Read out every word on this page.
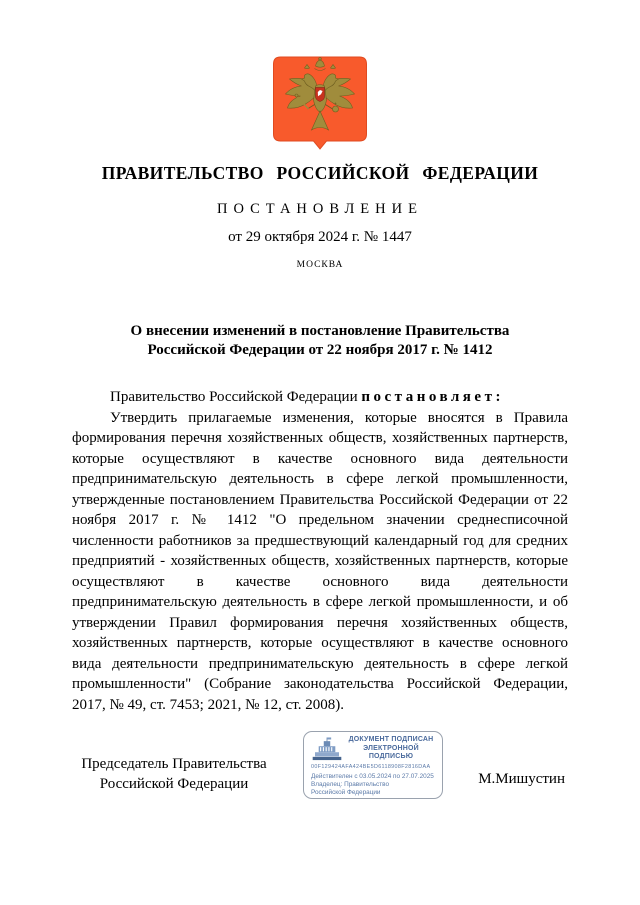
ПРАВИТЕЛЬСТВО РОССИЙСКОЙ ФЕДЕРАЦИИ
ПОСТАНОВЛЕНИЕ
от 29 октября 2024 г. № 1447
МОСКВА
О внесении изменений в постановление Правительства
Российской Федерации от 22 ноября 2017 г. № 1412

Правительство Российской Федерации постановляет:

Утвердить прилагаемые изменения, которые вносятся в Правила формирования перечня хозяйственных обществ, хозяйственных партнерств, которые осуществляют в качестве основного вида деятельности предпринимательскую деятельность в сфере легкой промышленности, утвержденные постановлением Правительства Российской Федерации от 22 ноября 2017 г. № 1412 "О предельном значении среднесписочной численности работников за предшествующий календарный год для средних предприятий - хозяйственных обществ, хозяйственных партнерств, которые осуществляют в качестве основного вида деятельности предпринимательскую деятельность в сфере легкой промышленности, и об утверждении Правил формирования перечня хозяйственных обществ, хозяйственных партнерств, которые осуществляют в качестве основного вида деятельности предпринимательскую деятельность в сфере легкой промышленности" (Собрание законодательства Российской Федерации, 2017, № 49, ст. 7453; 2021, № 12, ст. 2008).

Председатель Правительства
Российской Федерации
ДОКУМЕНТ ПОДПИСАН
ЭЛЕКТРОННОЙ ПОДПИСЬЮ
00F129424AFA424BE5D6118908F2816DAA
Действителен с 03.05.2024 по 27.07.2025
Владелец: Правительство Российской Федерации
М.Мишустин
